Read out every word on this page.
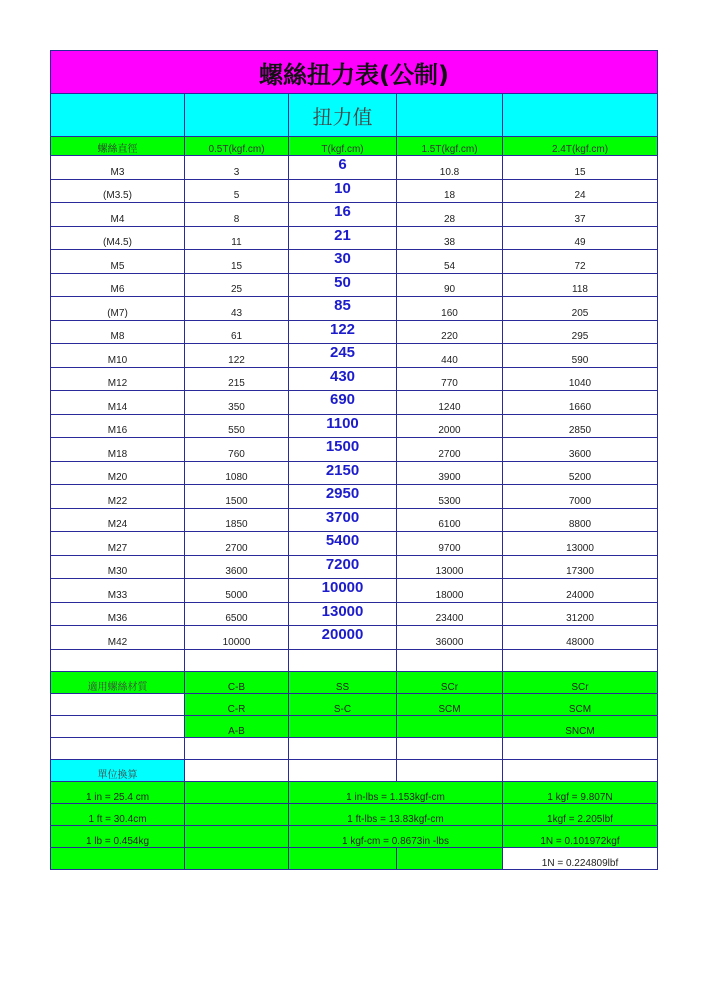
螺絲扭力表(公制)				
		扭力值		
螺絲直徑	0.5T(kgf.cm)	T(kgf.cm)	1.5T(kgf.cm)	2.4T(kgf.cm)
M3	3	6	10.8	15
(M3.5)	5	10	18	24
M4	8	16	28	37
(M4.5)	11	21	38	49
M5	15	30	54	72
M6	25	50	90	118
(M7)	43	85	160	205
M8	61	122	220	295
M10	122	245	440	590
M12	215	430	770	1040
M14	350	690	1240	1660
M16	550	1100	2000	2850
M18	760	1500	2700	3600
M20	1080	2150	3900	5200
M22	1500	2950	5300	7000
M24	1850	3700	6100	8800
M27	2700	5400	9700	13000
M30	3600	7200	13000	17300
M33	5000	10000	18000	24000
M36	6500	13000	23400	31200
M42	10000	20000	36000	48000

適用螺絲材質	C-B	SS	SCr	SCr
	C-R	S-C	SCM	SCM
	A-B			SNCM

單位換算				
1 in = 25.4 cm		1 in-lbs = 1.153kgf-cm		1 kgf = 9.807N
1 ft = 30.4cm		1 ft-lbs = 13.83kgf-cm		1kgf = 2.205lbf
1 lb = 0.454kg		1 kgf-cm = 0.8673in -lbs		1N = 0.101972kgf
				1N = 0.224809lbf
